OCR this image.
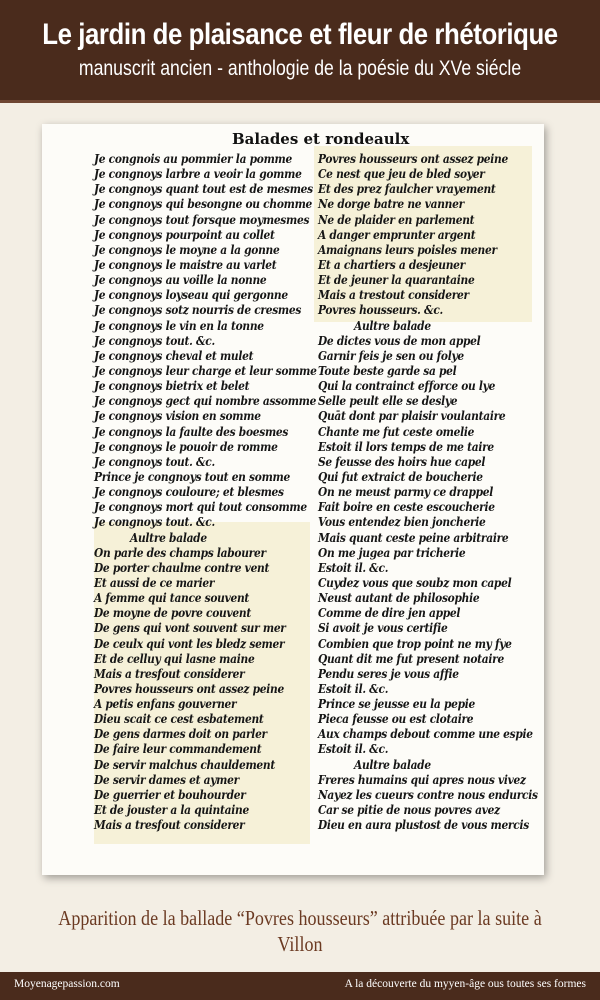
Le jardin de plaisance et fleur de rhétorique
manuscrit ancien - anthologie de la poésie du XVe siécle
Balades et rondeaulx
Je congnois au pommier la pomme
Je congnoys larbre a veoir la gomme
Je congnoys quant tout est de mesmes
Je congnoys qui besongne ou chomme
Je congnoys tout forsque moymesmes
Je congnoys pourpoint au collet
Je congnoys le moyne a la gonne
Je congnoys le maistre au varlet
Je congnoys au voille la nonne
Je congnoys loyseau qui gergonne
Je congnoys sotz nourris de cresmes
Je congnoys le vin en la tonne
Je congnoys tout. &c.
Je congnoys cheval et mulet
Je congnoys leur charge et leur somme
Je congnoys bietrix et belet
Je congnoys gect qui nombre assomme
Je congnoys vision en somme
Je congnoys la faulte des boesmes
Je congnoys le pouoir de romme
Je congnoys tout. &c.
Prince je congnoys tout en somme
Je congnoys couloure; et blesmes
Je congnoys mort qui tout consomme
Je congnoys tout. &c.
Aultre balade
On parle des champs labourer
De porter chaulme contre vent
Et aussi de ce marier
A femme qui tance souvent
De moyne de povre couvent
De gens qui vont souvent sur mer
De ceulx qui vont les bledz semer
Et de celluy qui lasne maine
Mais a tresfout considerer
Povres housseurs ont assez peine
A petis enfans gouverner
Dieu scait ce cest esbatement
De gens darmes doit on parler
De faire leur commandement
De servir malchus chauldement
De servir dames et aymer
De guerrier et bouhourder
Et de jouster a la quintaine
Mais a tresfout considerer
Povres housseurs ont assez peine
Ce nest que jeu de bled soyer
Et des prez faulcher vrayement
Ne dorge batre ne vanner
Ne de plaider en parlement
A danger emprunter argent
Amaignans leurs poisles mener
Et a chartiers a desjeuner
Et de jeuner la quarantaine
Mais a trestout considerer
Povres housseurs. &c.
Aultre balade
De dictes vous de mon appel
Garnir feis je sen ou folye
Toute beste garde sa pel
Qui la contrainct efforce ou lye
Selle peult elle se deslye
Quāt dont par plaisir voulantaire
Chante me fut ceste omelie
Estoit il lors temps de me taire
Se feusse des hoirs hue capel
Qui fut extraict de boucherie
On ne meust parmy ce drappel
Fait boire en ceste escoucherie
Vous entendez bien joncherie
Mais quant ceste peine arbitraire
On me jugea par tricherie
Estoit il. &c.
Cuydez vous que soubz mon capel
Neust autant de philosophie
Comme de dire jen appel
Si avoit je vous certifie
Combien que trop point ne my fye
Quant dit me fut present notaire
Pendu seres je vous affie
Estoit il. &c.
Prince se jeusse eu la pepie
Pieca feusse ou est clotaire
Aux champs debout comme une espie
Estoit il. &c.
Aultre balade
Freres humains qui apres nous vivez
Nayez les cueurs contre nous endurcis
Car se pitie de nous povres avez
Dieu en aura plustost de vous mercis
Apparition de la ballade “Povres housseurs” attribuée par la suite à Villon
Moyenagepassion.com	A la découverte du myyen-âge ous toutes ses formes
